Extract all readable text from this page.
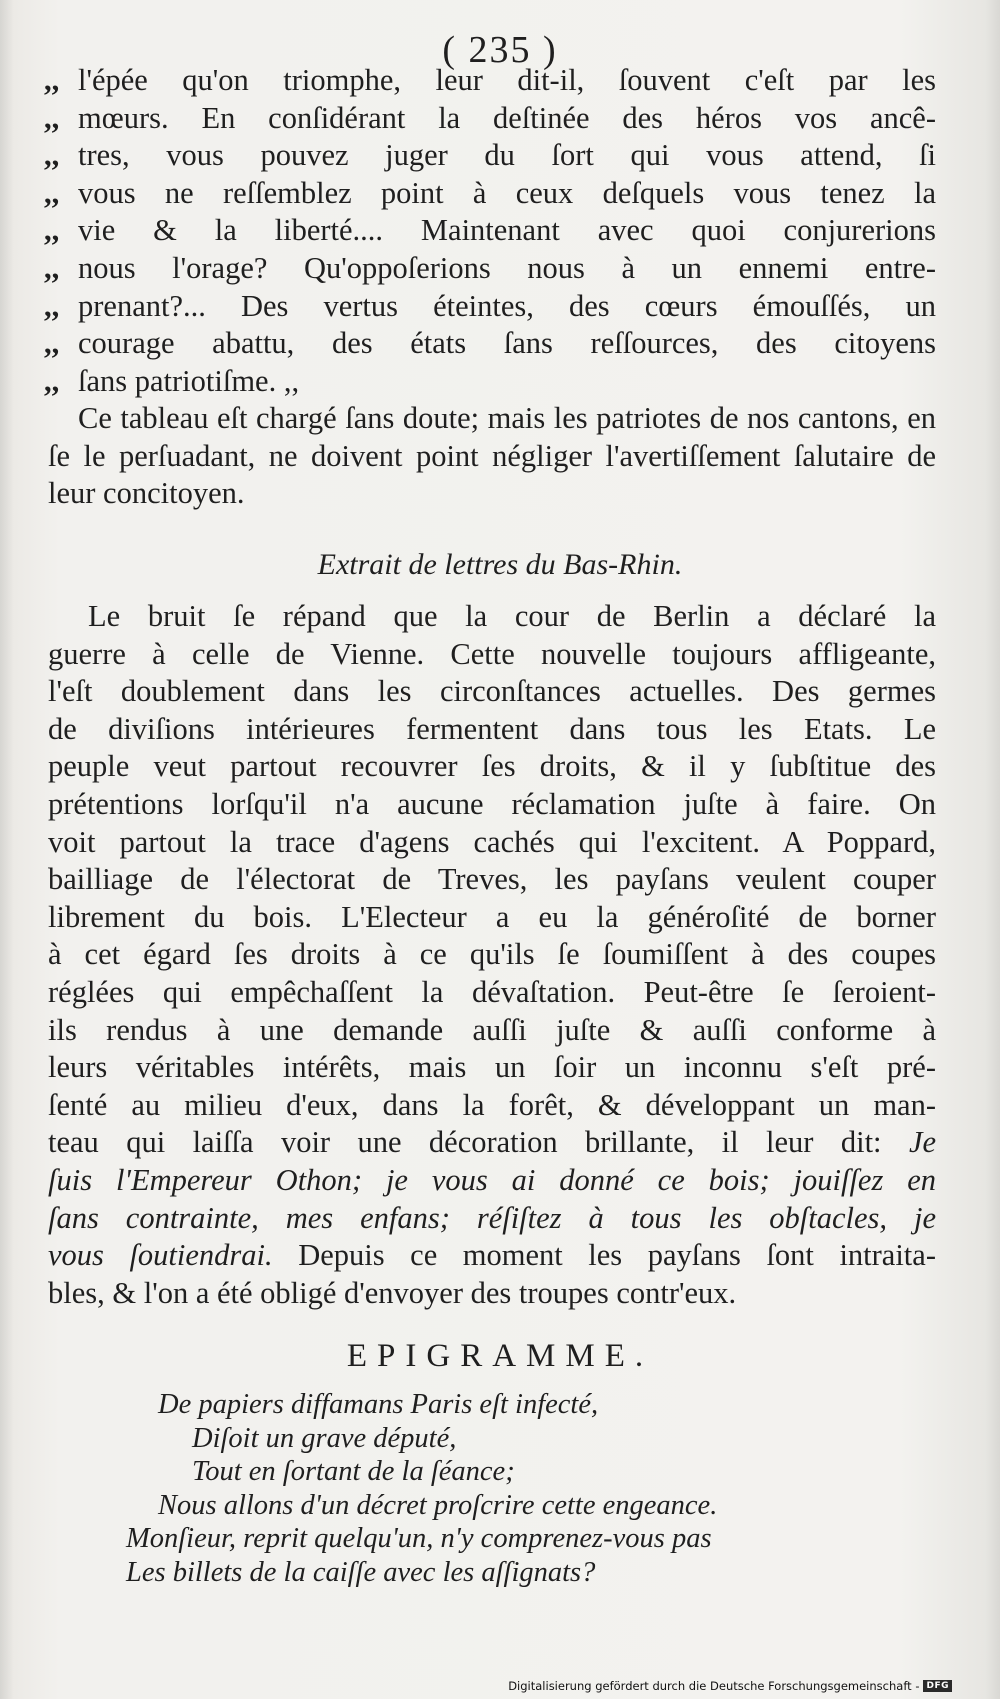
( 235 )
,, l'épée qu'on triomphe, leur dit-il, ſouvent c'eſt par les
,, mœurs. En conſidérant la deſtinée des héros vos ancê-
,, tres, vous pouvez juger du ſort qui vous attend, ſi
,, vous ne reſſemblez point à ceux deſquels vous tenez la
,, vie & la liberté.... Maintenant avec quoi conjurerions
,, nous l'orage? Qu'oppoſerions nous à un ennemi entre-
,, prenant?... Des vertus éteintes, des cœurs émouſſés, un
,, courage abattu, des états ſans reſſources, des citoyens
,, ſans patriotiſme. ,,
Ce tableau eſt chargé ſans doute; mais les patriotes de nos cantons, en ſe le perſuadant, ne doivent point négliger l'avertiſſement ſalutaire de leur concitoyen.
Extrait de lettres du Bas-Rhin.
Le bruit ſe répand que la cour de Berlin a déclaré la
guerre à celle de Vienne. Cette nouvelle toujours affligeante,
l'eſt doublement dans les circonſtances actuelles. Des germes
de diviſions intérieures fermentent dans tous les Etats. Le
peuple veut partout recouvrer ſes droits, & il y ſubſtitue des
prétentions lorſqu'il n'a aucune réclamation juſte à faire. On
voit partout la trace d'agens cachés qui l'excitent. A Poppard,
bailliage de l'électorat de Treves, les payſans veulent couper
librement du bois. L'Electeur a eu la généroſité de borner
à cet égard ſes droits à ce qu'ils ſe ſoumiſſent à des coupes
réglées qui empêchaſſent la dévaſtation. Peut-être ſe ſeroient-
ils rendus à une demande auſſi juſte & auſſi conforme à
leurs véritables intérêts, mais un ſoir un inconnu s'eſt pré-
ſenté au milieu d'eux, dans la forêt, & développant un man-
teau qui laiſſa voir une décoration brillante, il leur dit: Je
ſuis l'Empereur Othon; je vous ai donné ce bois; jouiſſez en
ſans contrainte, mes enfans; réſiſtez à tous les obſtacles, je
vous ſoutiendrai. Depuis ce moment les payſans ſont intraita-
bles, & l'on a été obligé d'envoyer des troupes contr'eux.
EPIGRAMME.
De papiers diffamans Paris eſt infecté,
Diſoit un grave député,
Tout en ſortant de la ſéance;
Nous allons d'un décret proſcrire cette engeance.
Monſieur, reprit quelqu'un, n'y comprenez-vous pas
Les billets de la caiſſe avec les aſſignats?
Digitalisierung gefördert durch die Deutsche Forschungsgemeinschaft - DFG
